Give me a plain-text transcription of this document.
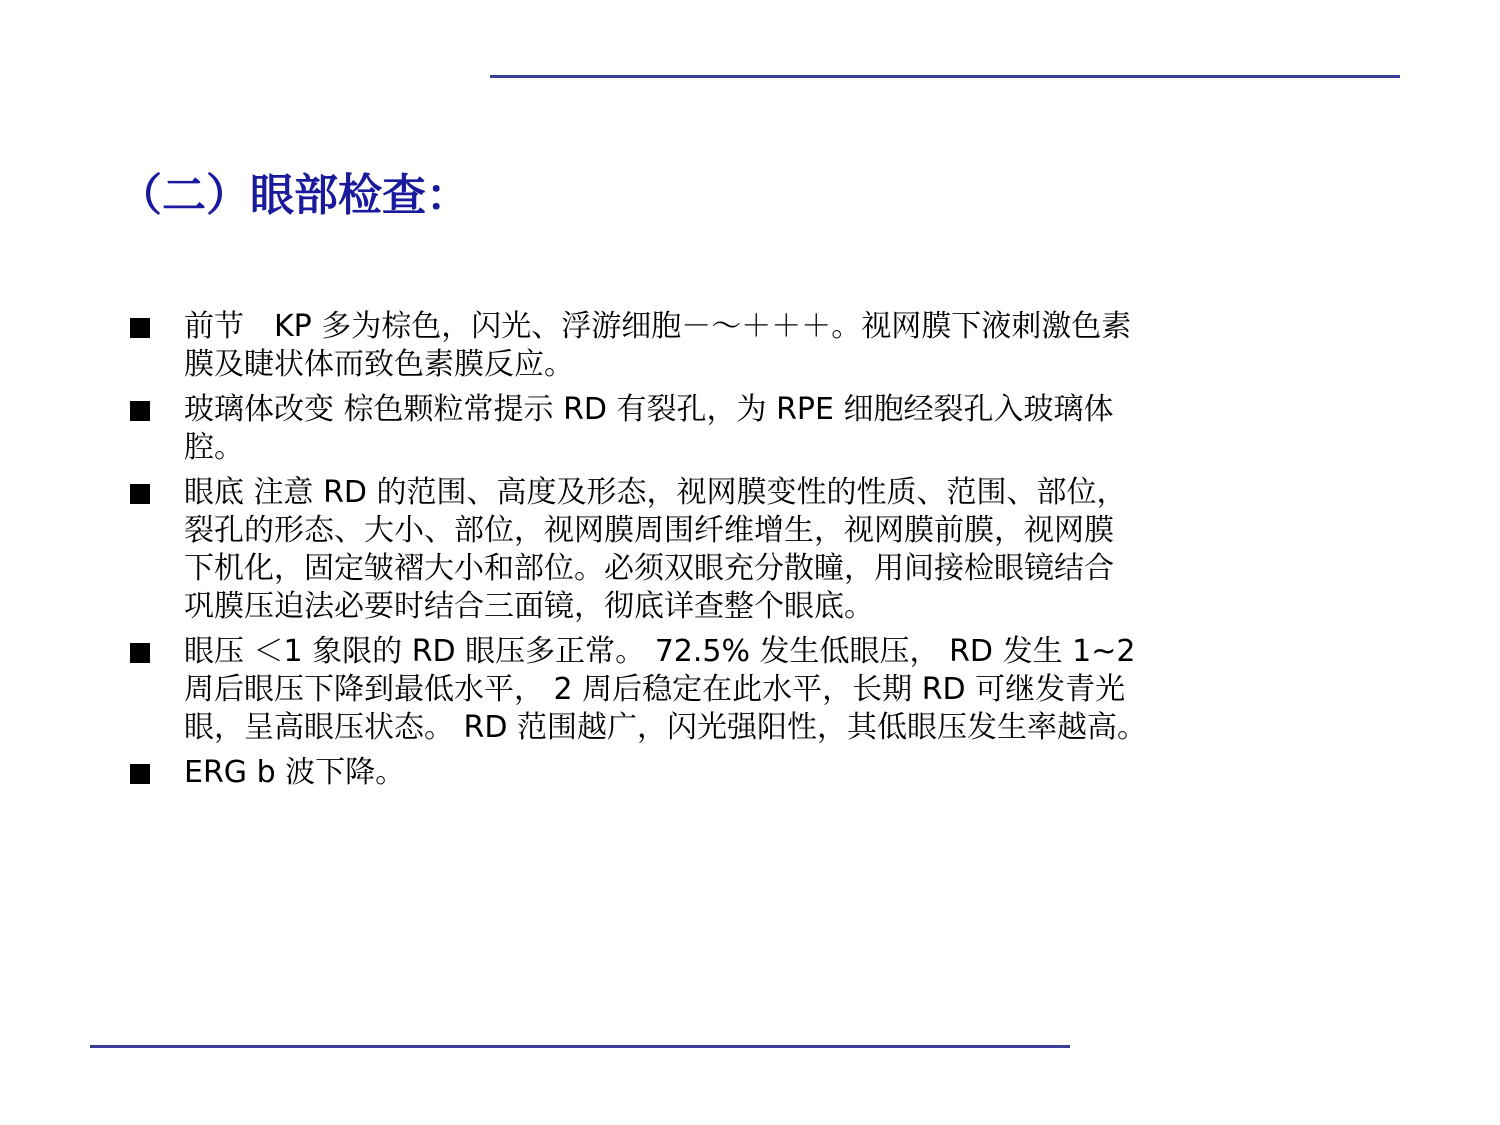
（二）眼部检查：
前节　KP 多为棕色，闪光、浮游细胞－～＋＋＋。视网膜下液刺激色素
膜及睫状体而致色素膜反应。
玻璃体改变 棕色颗粒常提示 RD 有裂孔，为 RPE 细胞经裂孔入玻璃体
腔。
眼底 注意 RD 的范围、高度及形态，视网膜变性的性质、范围、部位，
裂孔的形态、大小、部位，视网膜周围纤维增生，视网膜前膜，视网膜
下机化，固定皱褶大小和部位。必须双眼充分散瞳，用间接检眼镜结合
巩膜压迫法必要时结合三面镜，彻底详查整个眼底。
眼压 ＜1 象限的 RD 眼压多正常。 72.5% 发生低眼压， RD 发生 1~2
周后眼压下降到最低水平， 2 周后稳定在此水平，长期 RD 可继发青光
眼，呈高眼压状态。 RD 范围越广，闪光强阳性，其低眼压发生率越高。
ERG b 波下降。
